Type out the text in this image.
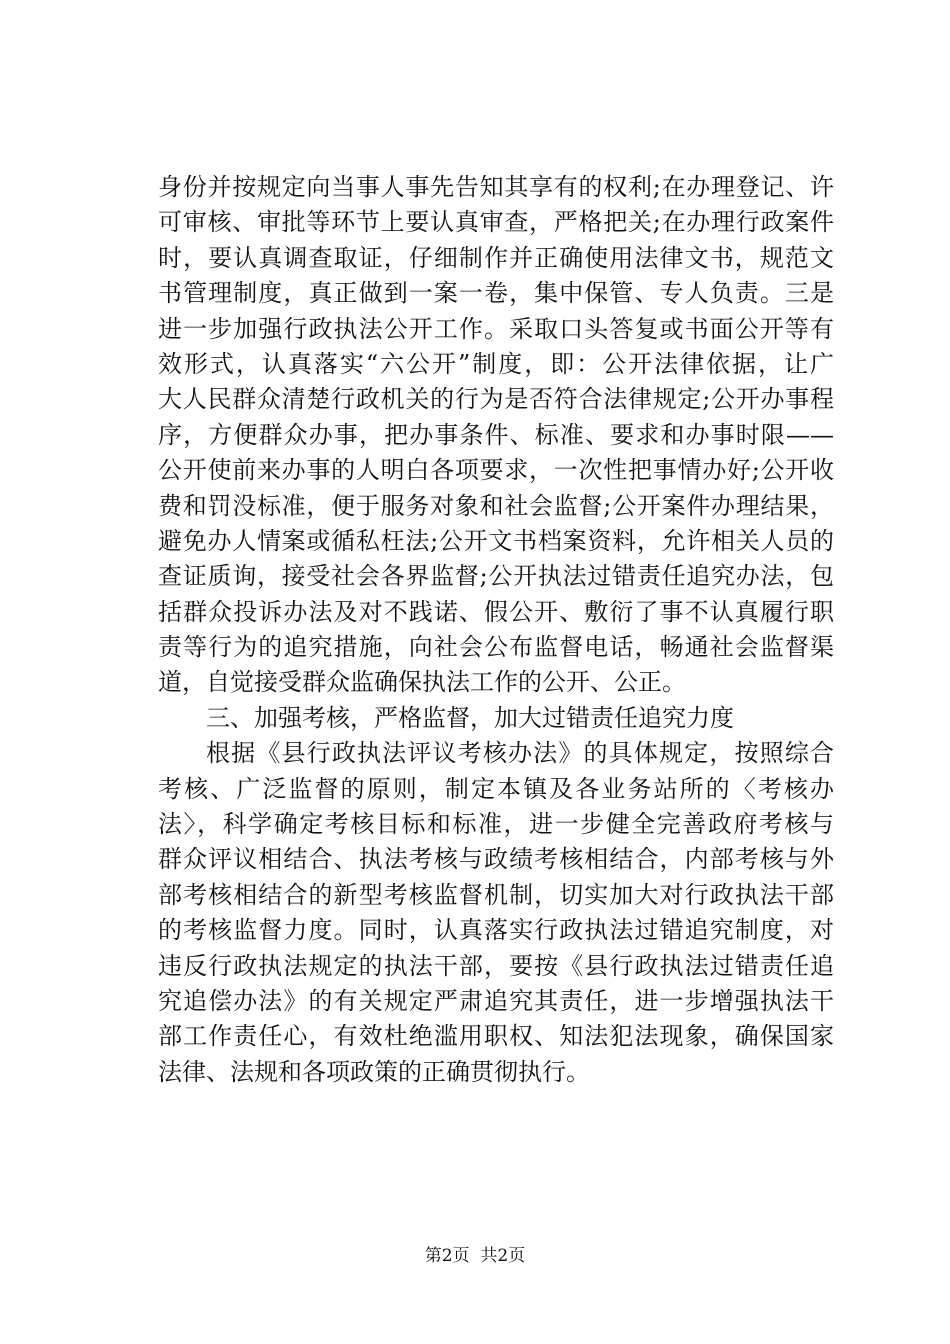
身份并按规定向当事人事先告知其享有的权利;在办理登记、许
可审核、审批等环节上要认真审查，严格把关;在办理行政案件
时，要认真调查取证，仔细制作并正确使用法律文书，规范文
书管理制度，真正做到一案一卷，集中保管、专人负责。三是
进一步加强行政执法公开工作。采取口头答复或书面公开等有
效形式，认真落实“六公开”制度，即：公开法律依据，让广
大人民群众清楚行政机关的行为是否符合法律规定;公开办事程
序，方便群众办事，把办事条件、标准、要求和办事时限——
公开使前来办事的人明白各项要求，一次性把事情办好;公开收
费和罚没标准，便于服务对象和社会监督;公开案件办理结果，
避免办人情案或循私枉法;公开文书档案资料，允许相关人员的
查证质询，接受社会各界监督;公开执法过错责任追究办法，包
括群众投诉办法及对不践诺、假公开、敷衍了事不认真履行职
责等行为的追究措施，向社会公布监督电话，畅通社会监督渠
道，自觉接受群众监确保执法工作的公开、公正。
三、加强考核，严格监督，加大过错责任追究力度
根据《县行政执法评议考核办法》的具体规定，按照综合
考核、广泛监督的原则，制定本镇及各业务站所的〈考核办
法〉，科学确定考核目标和标准，进一步健全完善政府考核与
群众评议相结合、执法考核与政绩考核相结合，内部考核与外
部考核相结合的新型考核监督机制，切实加大对行政执法干部
的考核监督力度。同时，认真落实行政执法过错追究制度，对
违反行政执法规定的执法干部，要按《县行政执法过错责任追
究追偿办法》的有关规定严肃追究其责任，进一步增强执法干
部工作责任心，有效杜绝滥用职权、知法犯法现象，确保国家
法律、法规和各项政策的正确贯彻执行。
第2页  共2页
